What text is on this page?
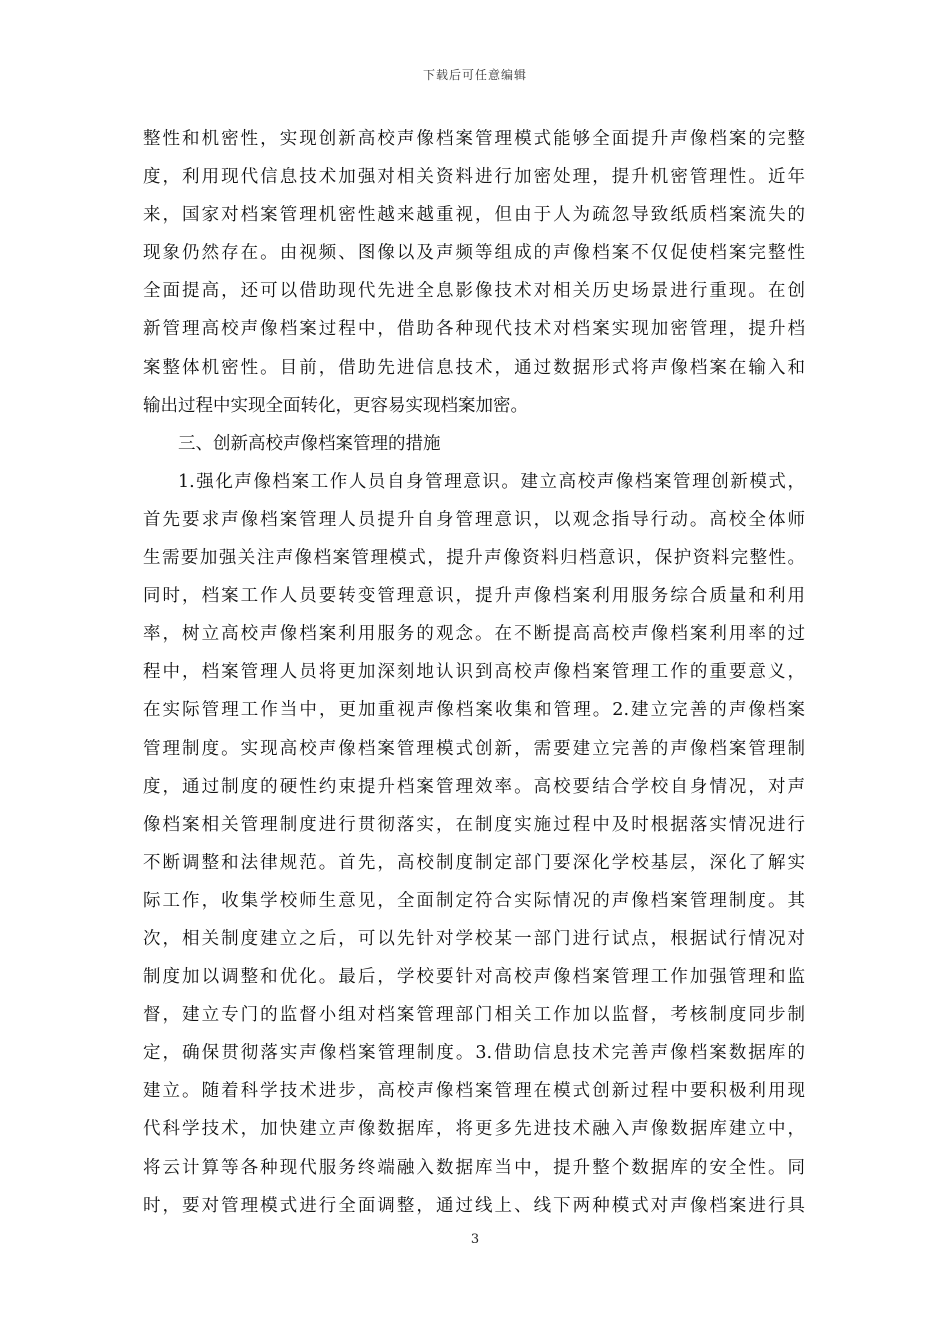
下载后可任意编辑
整性和机密性，实现创新高校声像档案管理模式能够全面提升声像档案的完整
度，利用现代信息技术加强对相关资料进行加密处理，提升机密管理性。近年
来，国家对档案管理机密性越来越重视，但由于人为疏忽导致纸质档案流失的
现象仍然存在。由视频、图像以及声频等组成的声像档案不仅促使档案完整性
全面提高，还可以借助现代先进全息影像技术对相关历史场景进行重现。在创
新管理高校声像档案过程中，借助各种现代技术对档案实现加密管理，提升档
案整体机密性。目前，借助先进信息技术，通过数据形式将声像档案在输入和
输出过程中实现全面转化，更容易实现档案加密。
三、创新高校声像档案管理的措施
1.强化声像档案工作人员自身管理意识。建立高校声像档案管理创新模式，
首先要求声像档案管理人员提升自身管理意识，以观念指导行动。高校全体师
生需要加强关注声像档案管理模式，提升声像资料归档意识，保护资料完整性。
同时，档案工作人员要转变管理意识，提升声像档案利用服务综合质量和利用
率，树立高校声像档案利用服务的观念。在不断提高高校声像档案利用率的过
程中，档案管理人员将更加深刻地认识到高校声像档案管理工作的重要意义，
在实际管理工作当中，更加重视声像档案收集和管理。2.建立完善的声像档案
管理制度。实现高校声像档案管理模式创新，需要建立完善的声像档案管理制
度，通过制度的硬性约束提升档案管理效率。高校要结合学校自身情况，对声
像档案相关管理制度进行贯彻落实，在制度实施过程中及时根据落实情况进行
不断调整和法律规范。首先，高校制度制定部门要深化学校基层，深化了解实
际工作，收集学校师生意见，全面制定符合实际情况的声像档案管理制度。其
次，相关制度建立之后，可以先针对学校某一部门进行试点，根据试行情况对
制度加以调整和优化。最后，学校要针对高校声像档案管理工作加强管理和监
督，建立专门的监督小组对档案管理部门相关工作加以监督，考核制度同步制
定，确保贯彻落实声像档案管理制度。3.借助信息技术完善声像档案数据库的
建立。随着科学技术进步，高校声像档案管理在模式创新过程中要积极利用现
代科学技术，加快建立声像数据库，将更多先进技术融入声像数据库建立中，
将云计算等各种现代服务终端融入数据库当中，提升整个数据库的安全性。同
时，要对管理模式进行全面调整，通过线上、线下两种模式对声像档案进行具
3
